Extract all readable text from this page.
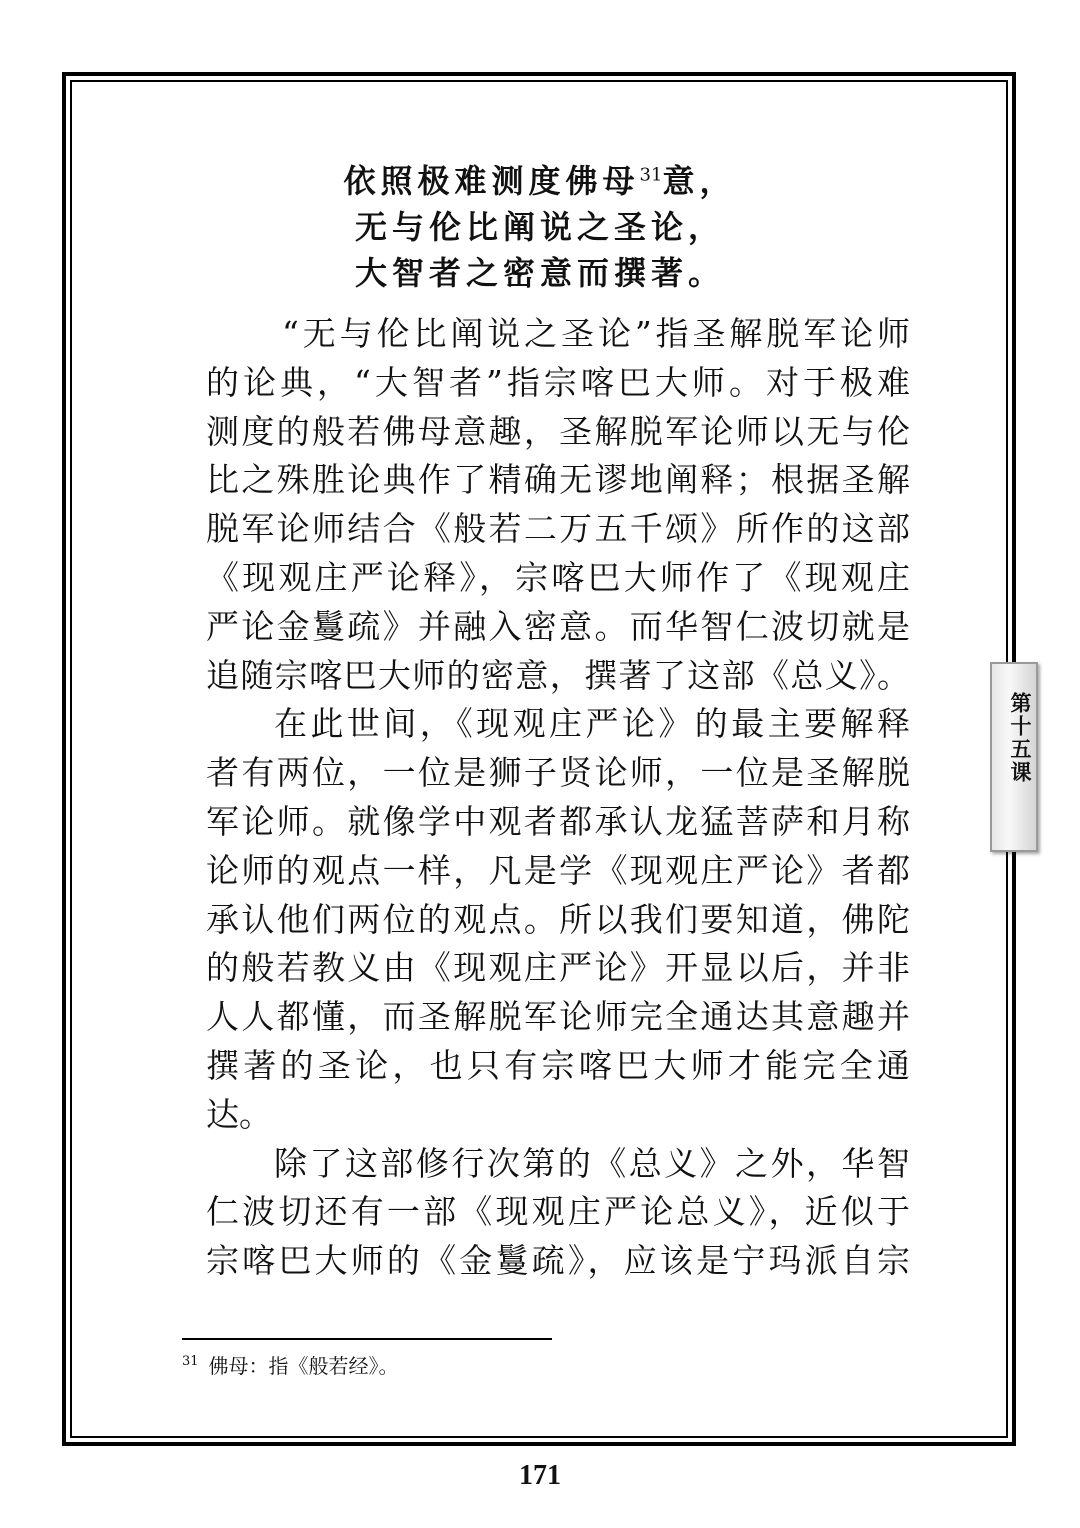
依照极难测度佛母$^{31}$意，
无与伦比阐说之圣论，
大智者之密意而撰著。
“无与伦比阐说之圣论”指圣解脱军论师
的论典，“大智者”指宗喀巴大师。对于极难
测度的般若佛母意趣，圣解脱军论师以无与伦
比之殊胜论典作了精确无谬地阐释；根据圣解
脱军论师结合《般若二万五千颂》所作的这部
《现观庄严论释》，宗喀巴大师作了《现观庄
严论金鬘疏》并融入密意。而华智仁波切就是
追随宗喀巴大师的密意，撰著了这部《总义》。
在此世间，《现观庄严论》的最主要解释
者有两位，一位是狮子贤论师，一位是圣解脱
军论师。就像学中观者都承认龙猛菩萨和月称
论师的观点一样，凡是学《现观庄严论》者都
承认他们两位的观点。所以我们要知道，佛陀
的般若教义由《现观庄严论》开显以后，并非
人人都懂，而圣解脱军论师完全通达其意趣并
撰著的圣论，也只有宗喀巴大师才能完全通
达。
除了这部修行次第的《总义》之外，华智
仁波切还有一部《现观庄严论总义》，近似于
宗喀巴大师的《金鬘疏》，应该是宁玛派自宗
$^{31}$ 佛母：指《般若经》。
第十五课
171
